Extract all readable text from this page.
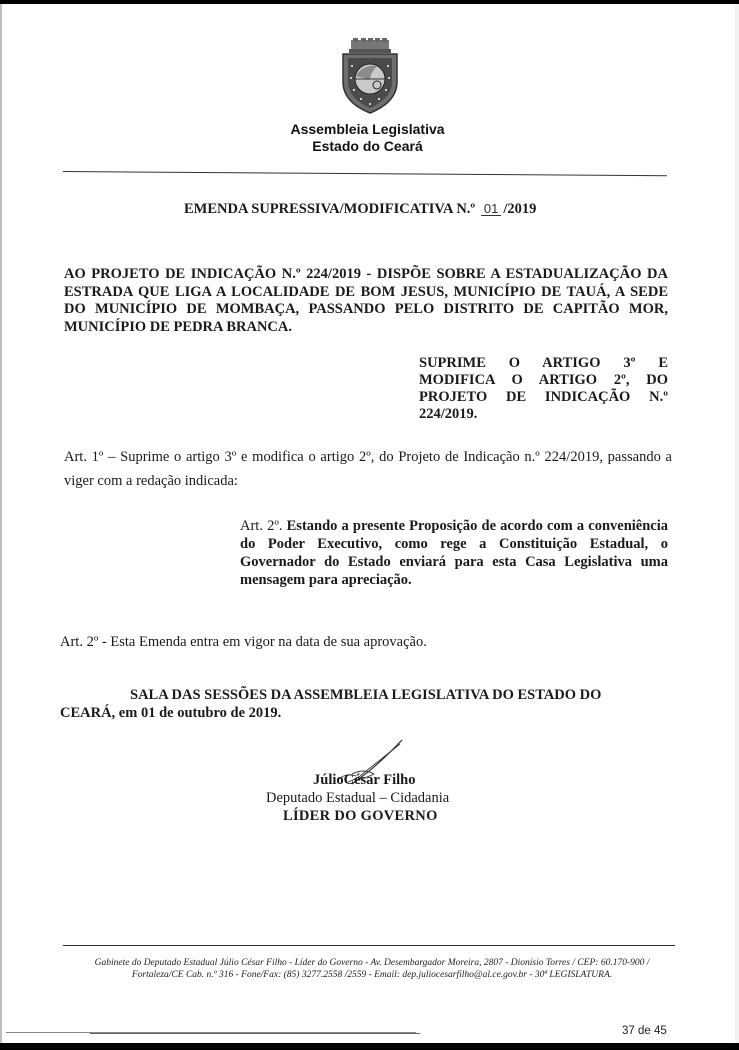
Assembleia Legislativa
Estado do Ceará
EMENDA SUPRESSIVA/MODIFICATIVA N.º 01 /2019
AO PROJETO DE INDICAÇÃO N.º 224/2019 - DISPÕE SOBRE A ESTADUALIZAÇÃO DA ESTRADA QUE LIGA A LOCALIDADE DE BOM JESUS, MUNICÍPIO DE TAUÁ, A SEDE DO MUNICÍPIO DE MOMBAÇA, PASSANDO PELO DISTRITO DE CAPITÃO MOR, MUNICÍPIO DE PEDRA BRANCA.
SUPRIME O ARTIGO 3º E MODIFICA O ARTIGO 2º, DO PROJETO DE INDICAÇÃO N.º 224/2019.
Art. 1º – Suprime o artigo 3º e modifica o artigo 2º, do Projeto de Indicação n.º 224/2019, passando a viger com a redação indicada:
Art. 2º. Estando a presente Proposição de acordo com a conveniência do Poder Executivo, como rege a Constituição Estadual, o Governador do Estado enviará para esta Casa Legislativa uma mensagem para apreciação.
Art. 2º - Esta Emenda entra em vigor na data de sua aprovação.
SALA DAS SESSÕES DA ASSEMBLEIA LEGISLATIVA DO ESTADO DO CEARÁ, em 01 de outubro de 2019.
JúlioCésar Filho
Deputado Estadual – Cidadania
LÍDER DO GOVERNO
Gabinete do Deputado Estadual Júlio César Filho - Líder do Governo - Av. Desembargador Moreira, 2807 - Dionísio Torres / CEP: 60.170-900 /
Fortaleza/CE Cab. n.º 316 - Fone/Fax: (85) 3277.2558 /2559 - Email: dep.juliocesarfilho@al.ce.gov.br - 30ª LEGISLATURA.
37 de 45
